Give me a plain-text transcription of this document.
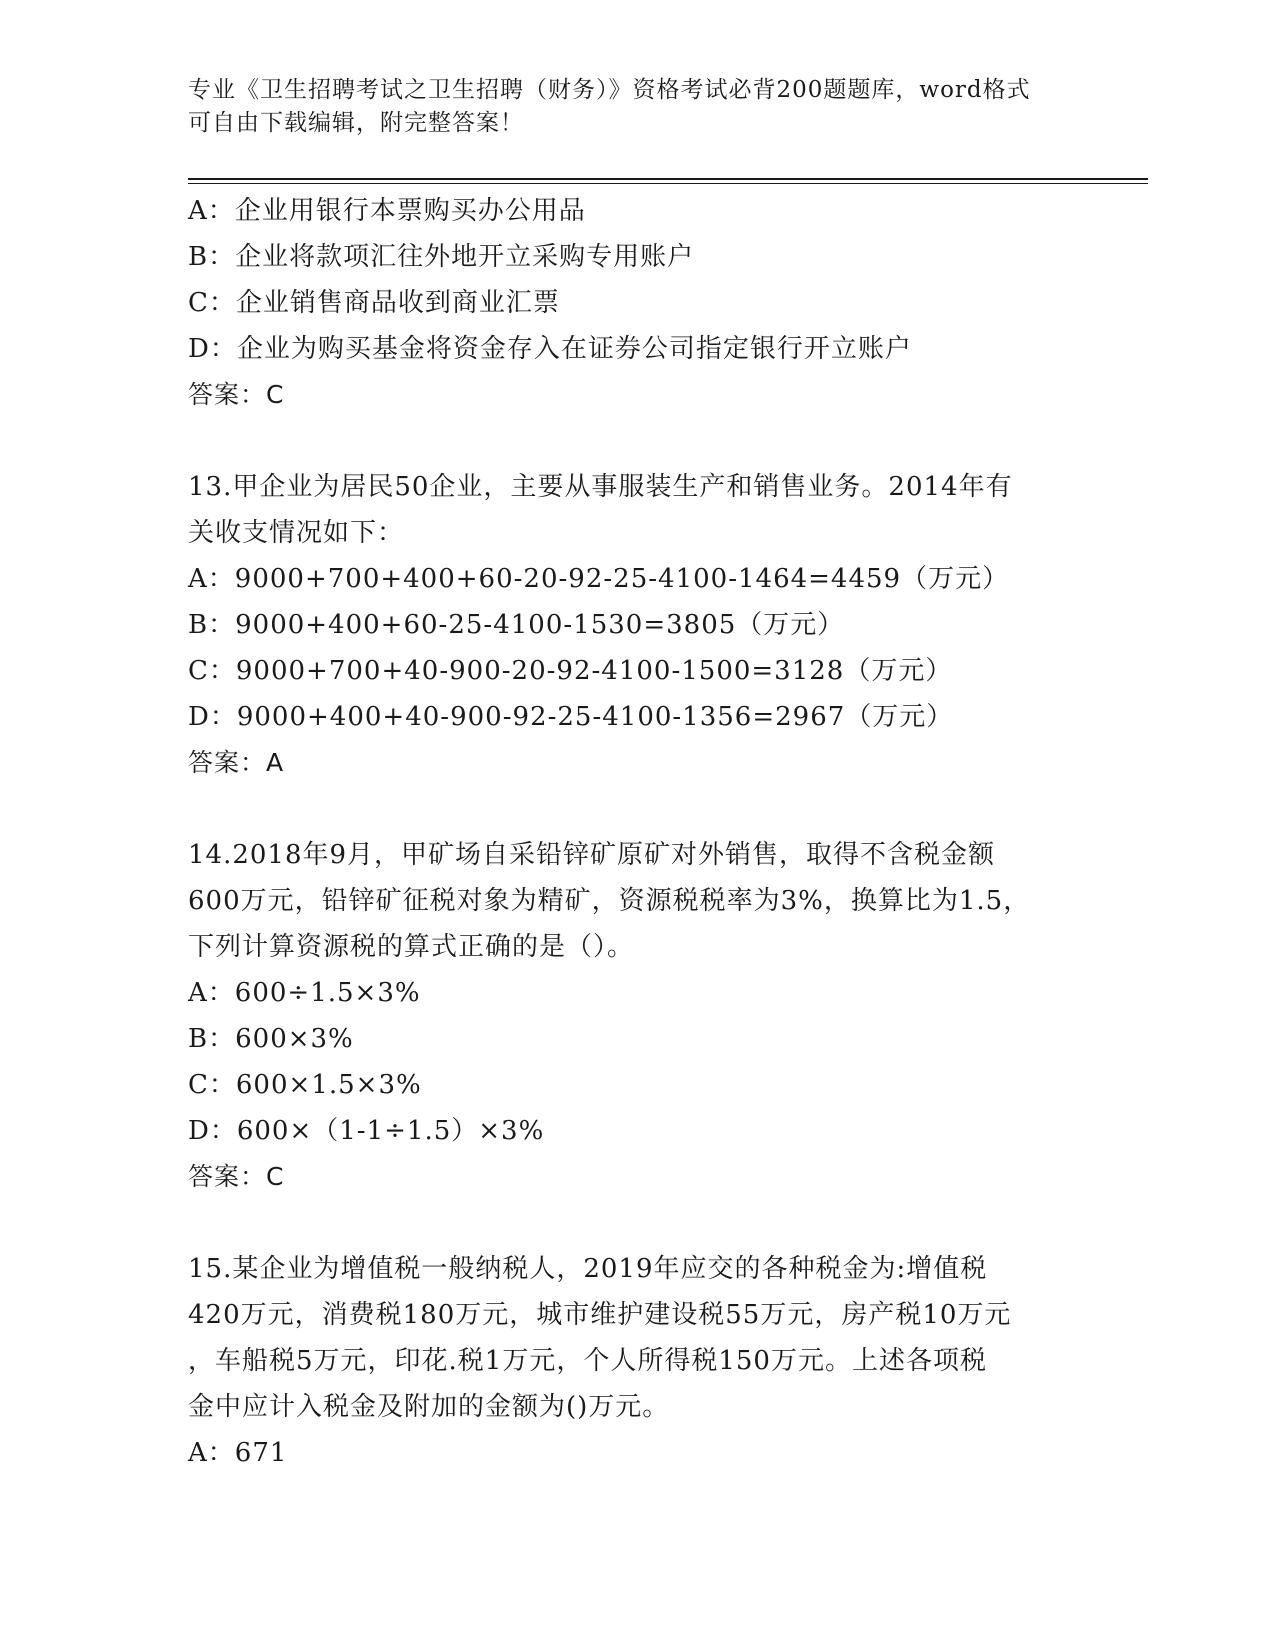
专业《卫生招聘考试之卫生招聘（财务）》资格考试必背200题题库，word格式
可自由下载编辑，附完整答案！
A：企业用银行本票购买办公用品
B：企业将款项汇往外地开立采购专用账户
C：企业销售商品收到商业汇票
D：企业为购买基金将资金存入在证券公司指定银行开立账户
答案：C
13.甲企业为居民50企业，主要从事服装生产和销售业务。2014年有
关收支情况如下：
A：9000+700+400+60-20-92-25-4100-1464=4459（万元）
B：9000+400+60-25-4100-1530=3805（万元）
C：9000+700+40-900-20-92-4100-1500=3128（万元）
D：9000+400+40-900-92-25-4100-1356=2967（万元）
答案：A
14.2018年9月，甲矿场自采铅锌矿原矿对外销售，取得不含税金额
600万元，铅锌矿征税对象为精矿，资源税税率为3%，换算比为1.5，
下列计算资源税的算式正确的是（）。
A：600÷1.5×3%
B：600×3%
C：600×1.5×3%
D：600×（1-1÷1.5）×3%
答案：C
15.某企业为增值税一般纳税人，2019年应交的各种税金为:增值税
420万元，消费税180万元，城市维护建设税55万元，房产税10万元
，车船税5万元，印花.税1万元，个人所得税150万元。上述各项税
金中应计入税金及附加的金额为()万元。
A：671
